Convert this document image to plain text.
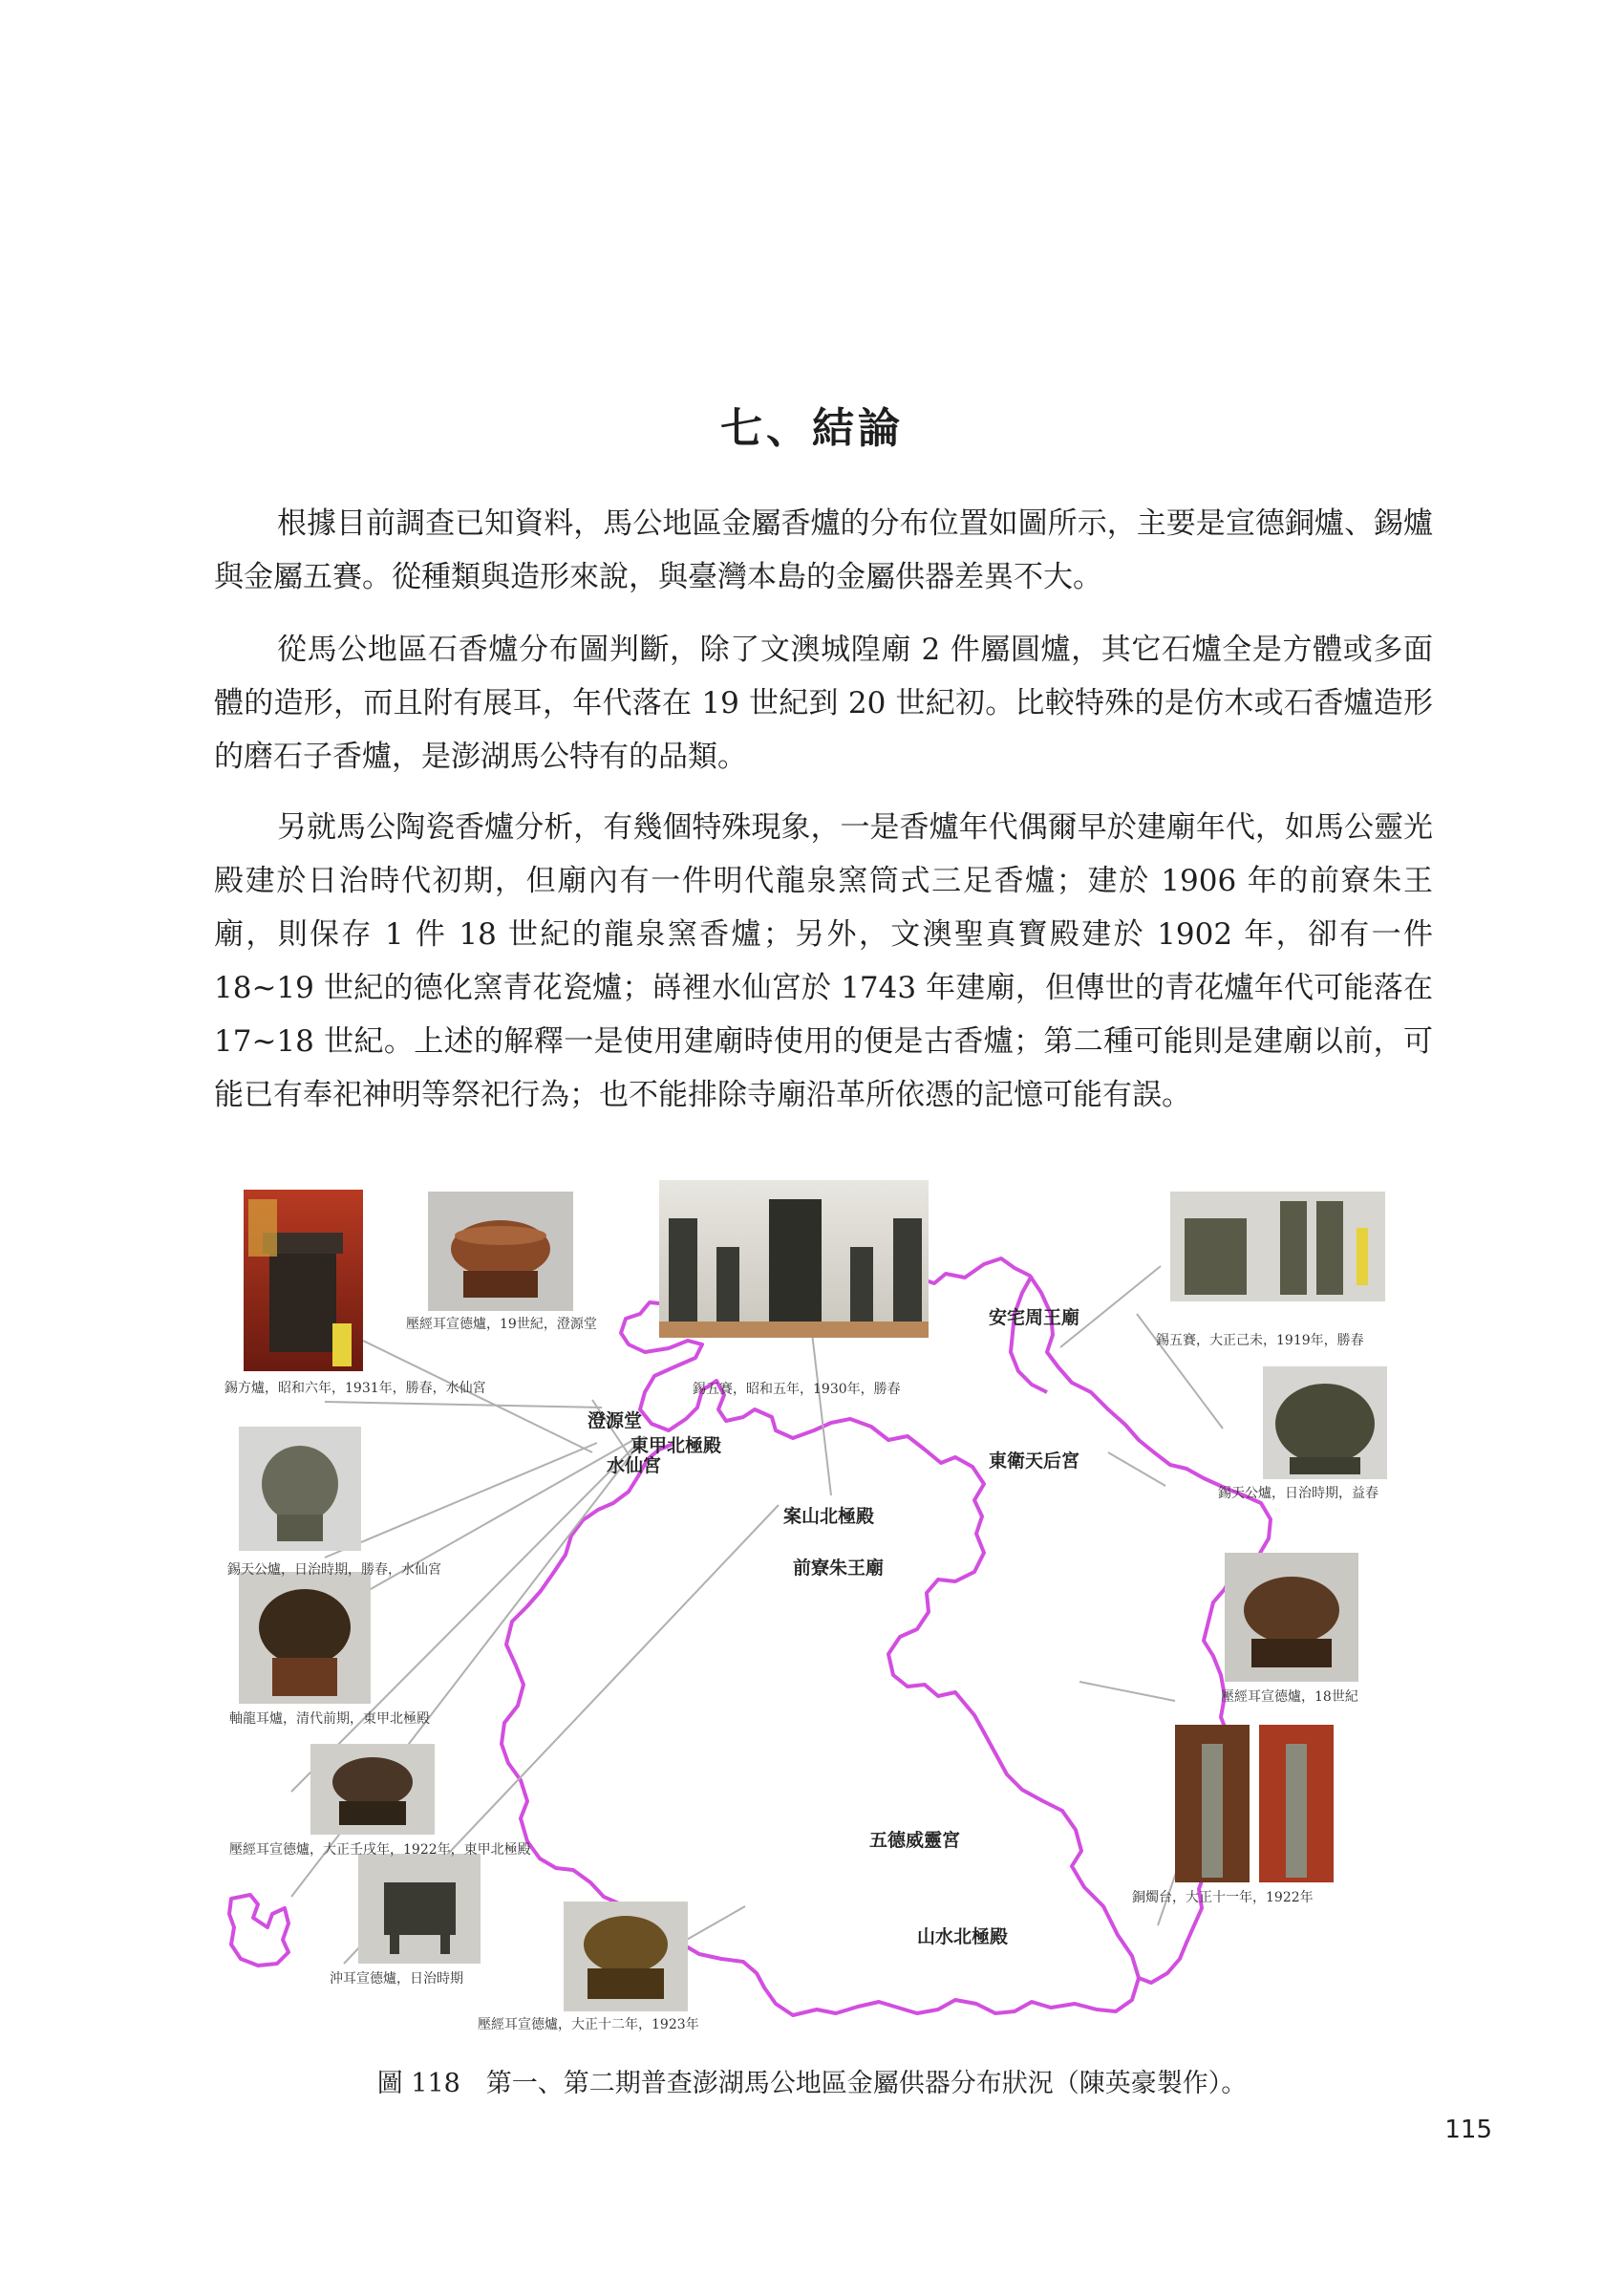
七、結論

根據目前調查已知資料，馬公地區金屬香爐的分布位置如圖所示，主要是宣德銅爐、錫爐與金屬五賽。從種類與造形來說，與臺灣本島的金屬供器差異不大。

從馬公地區石香爐分布圖判斷，除了文澳城隍廟 2 件屬圓爐，其它石爐全是方體或多面體的造形，而且附有展耳，年代落在 19 世紀到 20 世紀初。比較特殊的是仿木或石香爐造形的磨石子香爐，是澎湖馬公特有的品類。

另就馬公陶瓷香爐分析，有幾個特殊現象，一是香爐年代偶爾早於建廟年代，如馬公靈光殿建於日治時代初期，但廟內有一件明代龍泉窯筒式三足香爐；建於 1906 年的前寮朱王廟，則保存 1 件 18 世紀的龍泉窯香爐；另外，文澳聖真寶殿建於 1902 年，卻有一件 18~19 世紀的德化窯青花瓷爐；嵵裡水仙宮於 1743 年建廟，但傳世的青花爐年代可能落在 17~18 世紀。上述的解釋一是使用建廟時使用的便是古香爐；第二種可能則是建廟以前，可能已有奉祀神明等祭祀行為；也不能排除寺廟沿革所依憑的記憶可能有誤。

澄源堂
東甲北極殿
水仙宮
案山北極殿
前寮朱王廟
安宅周王廟
東衛天后宮
五德威靈宮
山水北極殿
壓經耳宣德爐，19世紀，澄源堂
錫方爐，昭和六年，1931年，勝春，水仙宮	錫五賽，昭和五年，1930年，勝春
錫五賽，大正己未，1919年，勝春
錫天公爐，日治時期，勝春，水仙宮
錫天公爐，日治時期，益春
軸龍耳爐，清代前期，東甲北極殿
壓經耳宣德爐，18世紀
壓經耳宣德爐，大正壬戌年，1922年，東甲北極殿
銅燭台，大正十一年，1922年
沖耳宣德爐，日治時期
壓經耳宣德爐，大正十二年，1923年
圖 118　第一、第二期普查澎湖馬公地區金屬供器分布狀況（陳英豪製作）。
115
